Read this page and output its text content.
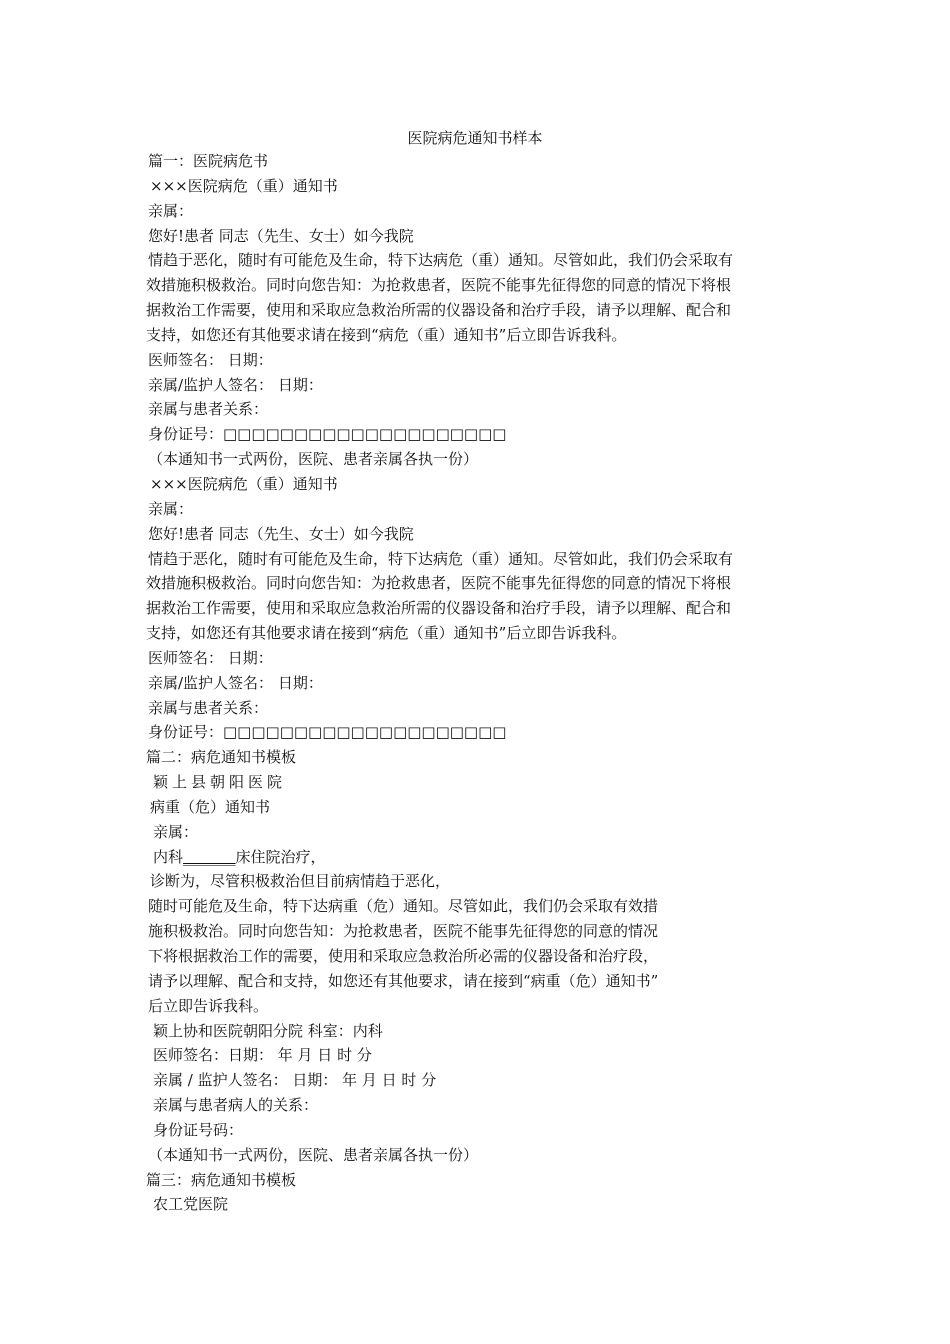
医院病危通知书样本
篇一：医院病危书
×××医院病危（重）通知书
亲属：
您好!患者 同志（先生、女士）如今我院
情趋于恶化，随时有可能危及生命，特下达病危（重）通知。尽管如此，我们仍会采取有
效措施积极救治。同时向您告知：为抢救患者，医院不能事先征得您的同意的情况下将根
据救治工作需要，使用和采取应急救治所需的仪器设备和治疗手段，请予以理解、配合和
支持，如您还有其他要求请在接到“病危（重）通知书”后立即告诉我科。
医师签名： 日期：
亲属/监护人签名： 日期：
亲属与患者关系：
身份证号：□□□□□□□□□□□□□□□□□□□□
（本通知书一式两份，医院、患者亲属各执一份）
×××医院病危（重）通知书
亲属：
您好!患者 同志（先生、女士）如今我院
情趋于恶化，随时有可能危及生命，特下达病危（重）通知。尽管如此，我们仍会采取有
效措施积极救治。同时向您告知：为抢救患者，医院不能事先征得您的同意的情况下将根
据救治工作需要，使用和采取应急救治所需的仪器设备和治疗手段，请予以理解、配合和
支持，如您还有其他要求请在接到“病危（重）通知书”后立即告诉我科。
医师签名： 日期：
亲属/监护人签名： 日期：
亲属与患者关系：
身份证号：□□□□□□□□□□□□□□□□□□□□
篇二：病危通知书模板
颖上县朝阳医院
病重（危）通知书
亲属：
内科_______床住院治疗，
诊断为，尽管积极救治但目前病情趋于恶化，
随时可能危及生命，特下达病重（危）通知。尽管如此，我们仍会采取有效措
施积极救治。同时向您告知：为抢救患者，医院不能事先征得您的同意的情况
下将根据救治工作的需要，使用和采取应急救治所必需的仪器设备和治疗段，
请予以理解、配合和支持，如您还有其他要求，请在接到“病重（危）通知书”
后立即告诉我科。
颖上协和医院朝阳分院 科室：内科
医师签名：日期： 年 月 日 时 分
亲属 / 监护人签名： 日期： 年 月 日 时 分
亲属与患者病人的关系：
身份证号码：
（本通知书一式两份，医院、患者亲属各执一份）
篇三：病危通知书模板
农工党医院
